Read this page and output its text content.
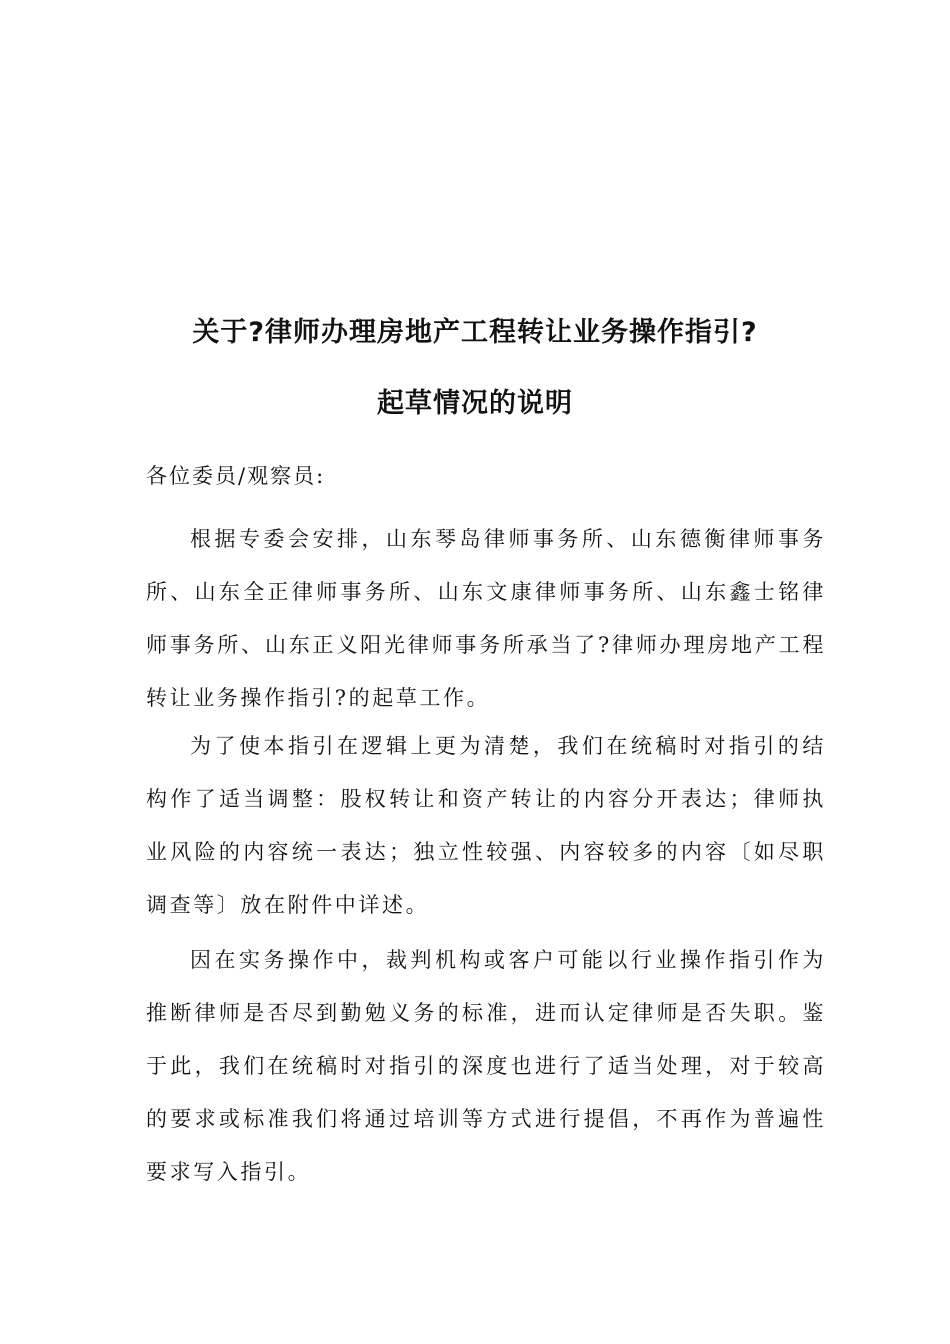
关于?律师办理房地产工程转让业务操作指引?
起草情况的说明

各位委员/观察员:

根据专委会安排，山东琴岛律师事务所、山东德衡律师事务所、山东全正律师事务所、山东文康律师事务所、山东鑫士铭律师事务所、山东正义阳光律师事务所承当了?律师办理房地产工程转让业务操作指引?的起草工作。

为了使本指引在逻辑上更为清楚，我们在统稿时对指引的结构作了适当调整：股权转让和资产转让的内容分开表达；律师执业风险的内容统一表达；独立性较强、内容较多的内容〔如尽职调查等〕放在附件中详述。

因在实务操作中，裁判机构或客户可能以行业操作指引作为推断律师是否尽到勤勉义务的标准，进而认定律师是否失职。鉴于此，我们在统稿时对指引的深度也进行了适当处理，对于较高的要求或标准我们将通过培训等方式进行提倡，不再作为普遍性要求写入指引。
